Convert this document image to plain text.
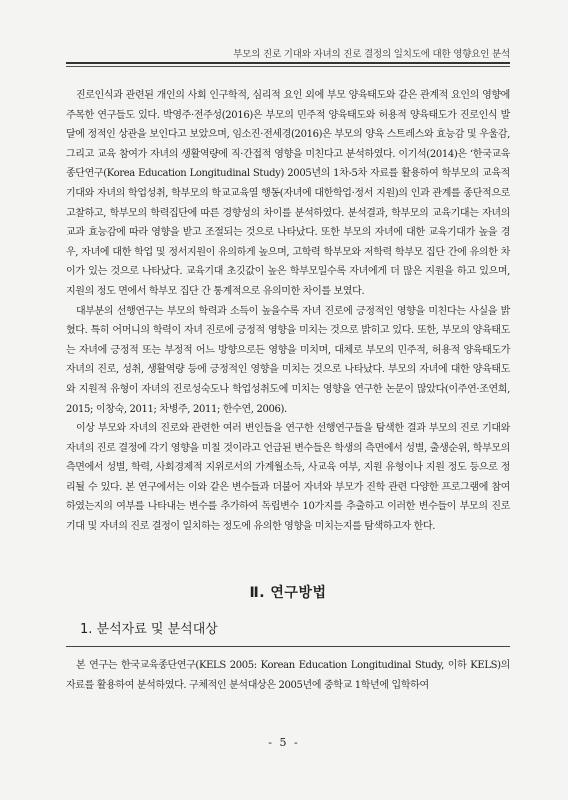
부모의 진로 기대와 자녀의 진로 결정의 일치도에 대한 영향요인 분석

진로인식과 관련된 개인의 사회 인구학적, 심리적 요인 외에 부모 양육태도와 같은 관계적 요인의 영향에 주목한 연구들도 있다. 박영주·전주성(2016)은 부모의 민주적 양육태도와 허용적 양육태도가 진로인식 발달에 정적인 상관을 보인다고 보았으며, 임소진·전세경(2016)은 부모의 양육 스트레스와 효능감 및 우울감, 그리고 교육 참여가 자녀의 생활역량에 직·간접적 영향을 미친다고 분석하였다. 이기석(2014)은 ‘한국교육종단연구(Korea Education Longitudinal Study) 2005년의 1차-5차 자료를 활용하여 학부모의 교육적 기대와 자녀의 학업성취, 학부모의 학교교육열 행동(자녀에 대한학업·정서 지원)의 인과 관계를 종단적으로 고찰하고, 학부모의 학력집단에 따른 경향성의 차이를 분석하였다. 분석결과, 학부모의 교육기대는 자녀의 교과 효능감에 따라 영향을 받고 조절되는 것으로 나타났다. 또한 부모의 자녀에 대한 교육기대가 높을 경우, 자녀에 대한 학업 및 정서지원이 유의하게 높으며, 고학력 학부모와 저학력 학부모 집단 간에 유의한 차이가 있는 것으로 나타났다. 교육기대 초깃값이 높은 학부모일수록 자녀에게 더 많은 지원을 하고 있으며, 지원의 정도 면에서 학부모 집단 간 통계적으로 유의미한 차이를 보였다.

대부분의 선행연구는 부모의 학력과 소득이 높을수록 자녀 진로에 긍정적인 영향을 미친다는 사실을 밝혔다. 특히 어머니의 학력이 자녀 진로에 긍정적 영향을 미치는 것으로 밝히고 있다. 또한, 부모의 양육태도는 자녀에 긍정적 또는 부정적 어느 방향으로든 영향을 미치며, 대체로 부모의 민주적, 허용적 양육태도가 자녀의 진로, 성취, 생활역량 등에 긍정적인 영향을 미치는 것으로 나타났다. 부모의 자녀에 대한 양육태도와 지원적 유형이 자녀의 진로성숙도나 학업성취도에 미치는 영향을 연구한 논문이 많았다(이주연·조연희, 2015; 이창숙, 2011; 차병주, 2011; 한수연, 2006).

이상 부모와 자녀의 진로와 관련한 여러 변인들을 연구한 선행연구들을 탐색한 결과 부모의 진로 기대와 자녀의 진로 결정에 각기 영향을 미칠 것이라고 언급된 변수들은 학생의 측면에서 성별, 출생순위, 학부모의 측면에서 성별, 학력, 사회경제적 지위로서의 가계월소득, 사교육 여부, 지원 유형이나 지원 정도 등으로 정리될 수 있다. 본 연구에서는 이와 같은 변수들과 더불어 자녀와 부모가 진학 관련 다양한 프로그램에 참여하였는지의 여부를 나타내는 변수를 추가하여 독립변수 10가지를 추출하고 이러한 변수들이 부모의 진로 기대 및 자녀의 진로 결정이 일치하는 정도에 유의한 영향을 미치는지를 탐색하고자 한다.

Ⅱ. 연구방법
1. 분석자료 및 분석대상

본 연구는 한국교육종단연구(KELS 2005: Korean Education Longitudinal Study, 이하 KELS)의 자료를 활용하여 분석하였다. 구체적인 분석대상은 2005년에 중학교 1학년에 입학하여

- 5 -
